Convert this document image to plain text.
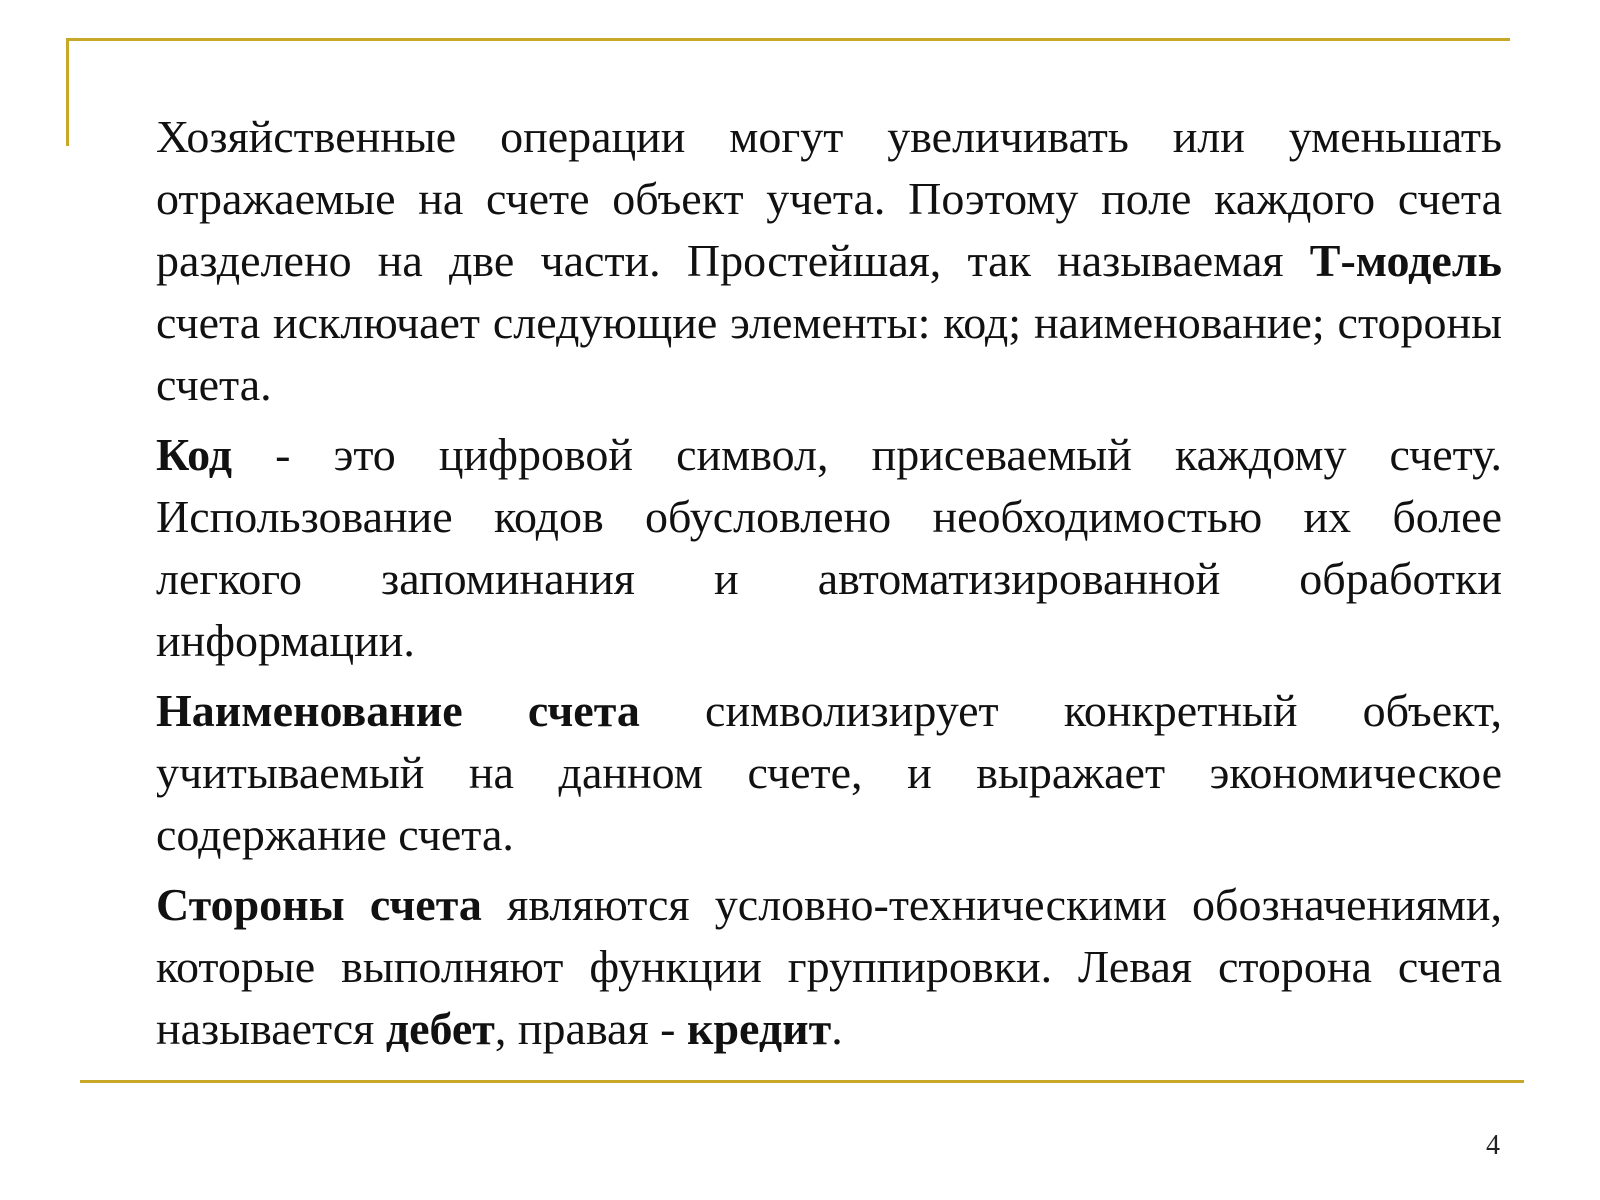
Хозяйственные операции могут увеличивать или уменьшать отражаемые на счете объект учета. Поэтому поле каждого счета разделено на две части. Простейшая, так называемая Т-модель счета исключает следующие элементы: код; наименование; стороны счета.

Код - это цифровой символ, присеваемый каждому счету. Использование кодов обусловлено необходимостью их более легкого запоминания и автоматизированной обработки информации.

Наименование счета символизирует конкретный объект, учитываемый на данном счете, и выражает экономическое содержание счета.

Стороны счета являются условно-техническими обозначениями, которые выполняют функции группировки. Левая сторона счета называется дебет, правая - кредит.

4
